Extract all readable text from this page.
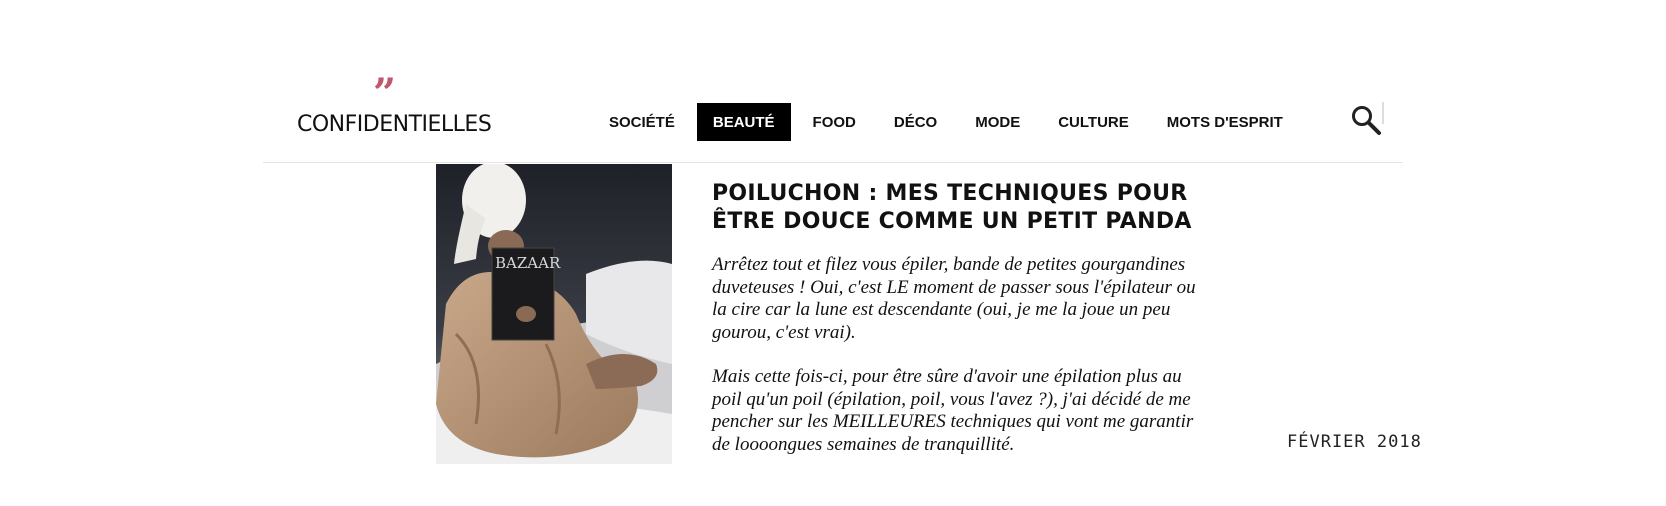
”
CONFIDENTIELLES	SOCIÉTÉ	BEAUTÉ	FOOD	DÉCO	MODE	CULTURE	MOTS D'ESPRIT
BAZAAR
POILUCHON : MES TECHNIQUES POUR ÊTRE DOUCE COMME UN PETIT PANDA

Arrêtez tout et filez vous épiler, bande de petites gourgandines duveteuses ! Oui, c'est LE moment de passer sous l'épilateur ou la cire car la lune est descendante (oui, je me la joue un peu gourou, c'est vrai).

Mais cette fois-ci, pour être sûre d'avoir une épilation plus au poil qu'un poil (épilation, poil, vous l'avez ?), j'ai décidé de me pencher sur les MEILLEURES techniques qui vont me garantir de loooongues semaines de tranquillité.	FÉVRIER 2018
